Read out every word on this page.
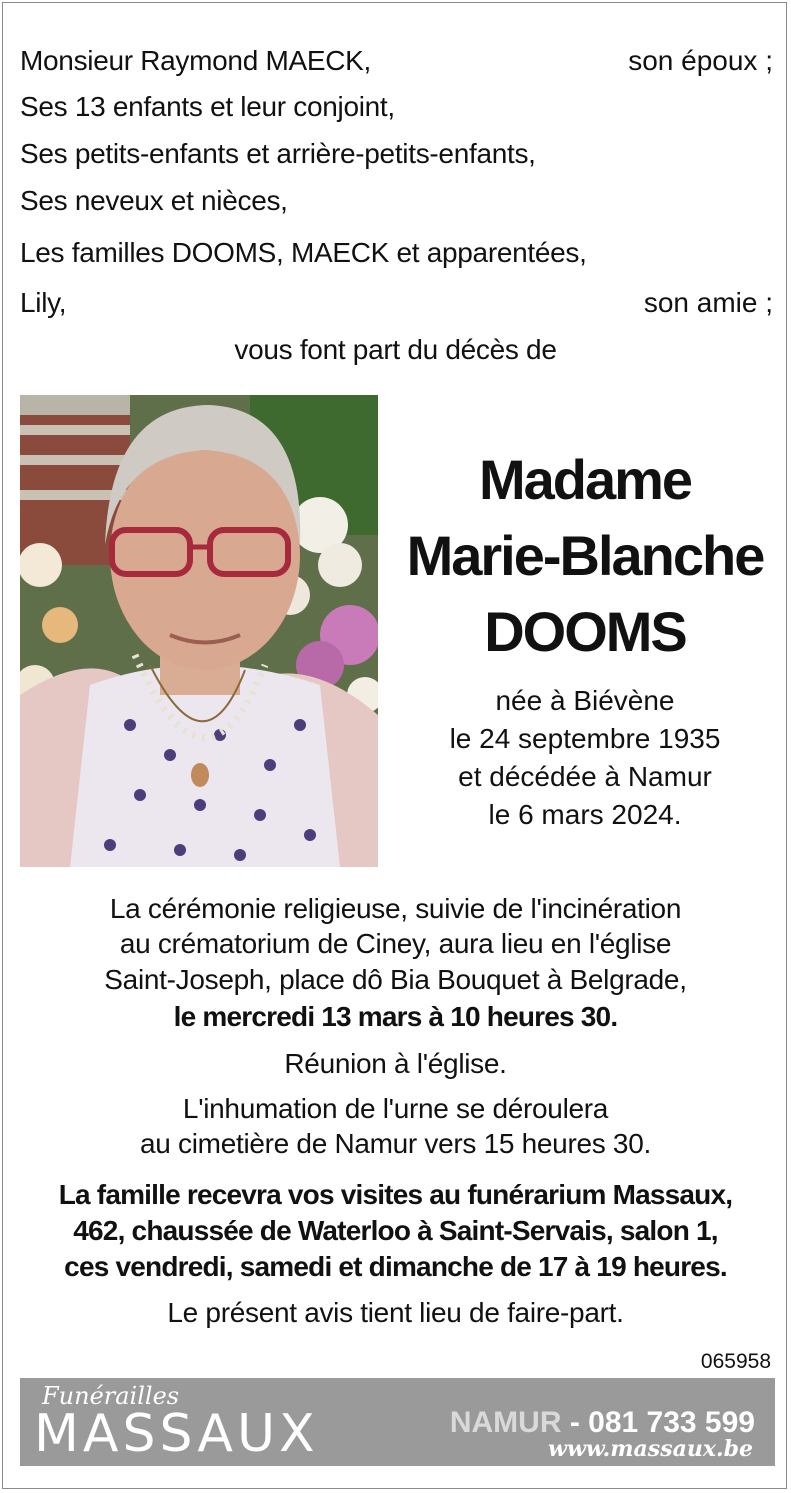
Monsieur Raymond MAECK,	son époux ;
Ses 13 enfants et leur conjoint,
Ses petits-enfants et arrière-petits-enfants,
Ses neveux et nièces,
Les familles DOOMS, MAECK et apparentées,
Lily,	son amie ;
vous font part du décès de
Madame
Marie-Blanche
DOOMS
née à Biévène
le 24 septembre 1935
et décédée à Namur
le 6 mars 2024.
La cérémonie religieuse, suivie de l'incinération
au crématorium de Ciney, aura lieu en l'église
Saint-Joseph, place dô Bia Bouquet à Belgrade,
le mercredi 13 mars à 10 heures 30.
Réunion à l'église.
L'inhumation de l'urne se déroulera
au cimetière de Namur vers 15 heures 30.
La famille recevra vos visites au funérarium Massaux,
462, chaussée de Waterloo à Saint-Servais, salon 1,
ces vendredi, samedi et dimanche de 17 à 19 heures.
Le présent avis tient lieu de faire-part.
065958
Funérailles
MASSAUX	NAMUR - 081 733 599
www.massaux.be
